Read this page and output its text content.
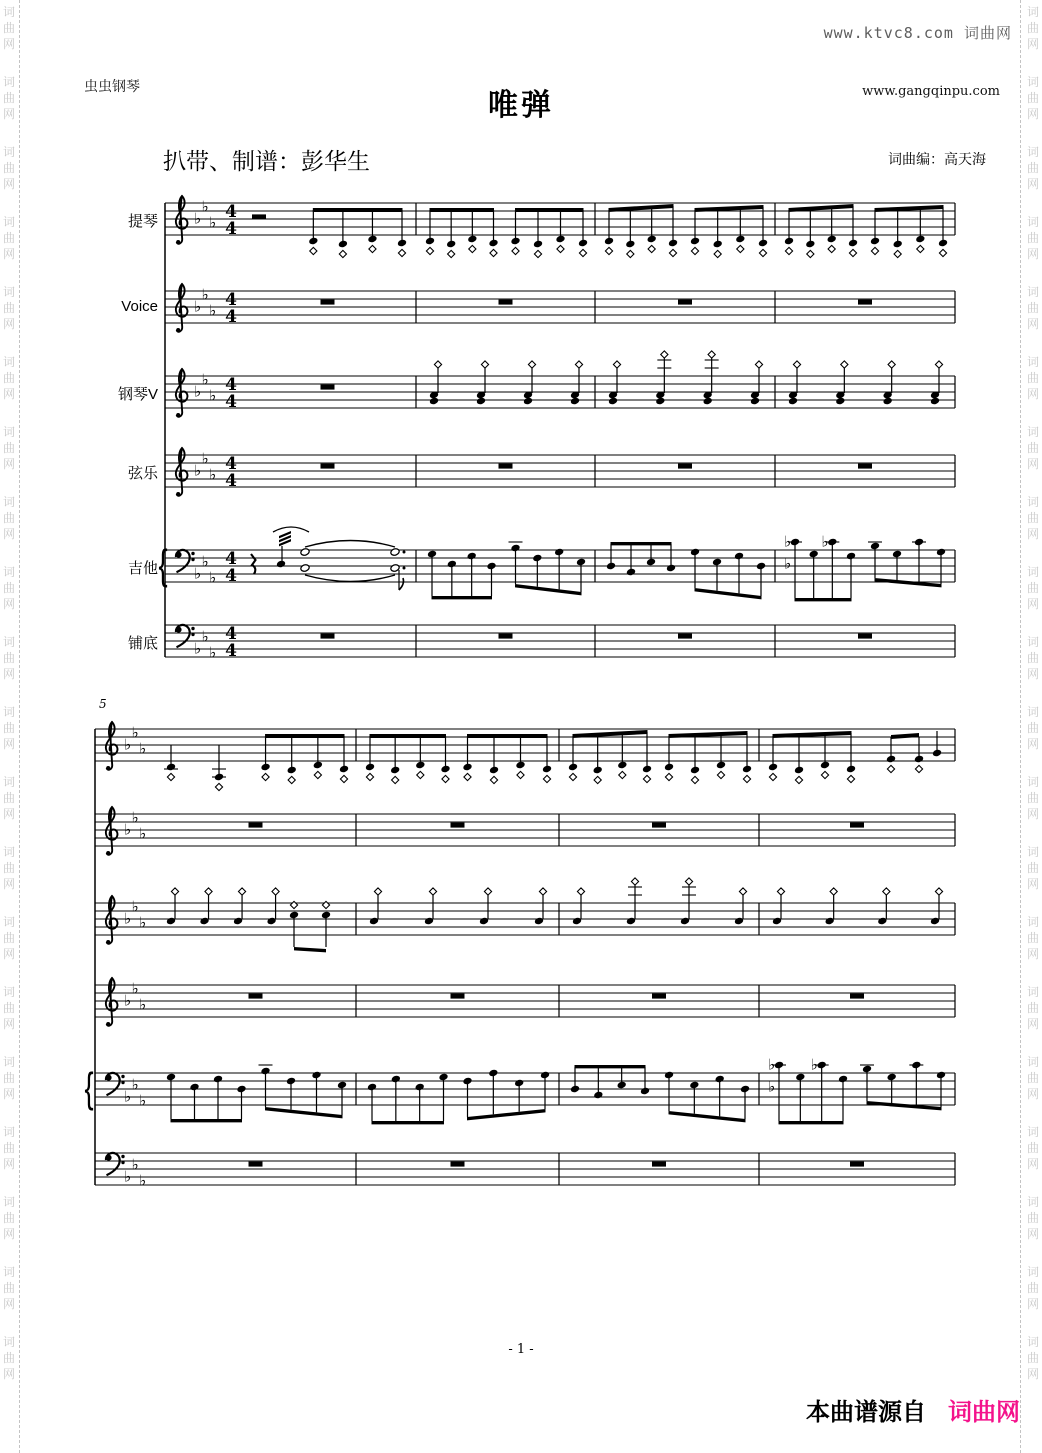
词
曲
网
词
曲
网
词
曲
网
词
曲
网
词
曲
网
词
曲
网
词
曲
网
词
曲
网
词
曲
网
词
曲
网
词
曲
网
词
曲
网
词
曲
网
词
曲
网
词
曲
网
词
曲
网
词
曲
网
词
曲
网
词
曲
网
词
曲
网
词
曲
网
词
曲
网
词
曲
网
词
曲
网
词
曲
网
词
曲
网
词
曲
网
词
曲
网
词
曲
网
词
曲
网
词
曲
网
词
曲
网
词
曲
网
词
曲
网
词
曲
网
词
曲
网
词
曲
网
词
曲
网
词
曲
网
词
曲
网
www.ktvc8.com 词曲网
虫虫钢琴
唯弹	www.gangqinpu.com
扒带、制谱：彭华生	词曲编：高天海
5
提琴
Voice
钢琴V
弦乐
吉他
铺底
{
{
♭
♭
♭
4
4
♭
♭
♭
4
4
♭
♭
♭
4
4
♭
♭
♭
4
4
♭
♭
♭
4
4
♭ ♭
♭
♭
♭
♭
4
4
♭
♭
♭
♭
♭
♭
♭
♭
♭
♭
♭
♭
♭
♭
♭
♭ ♭
♭
♭
♭
♭
- 1 -
本曲谱源自 词曲网
